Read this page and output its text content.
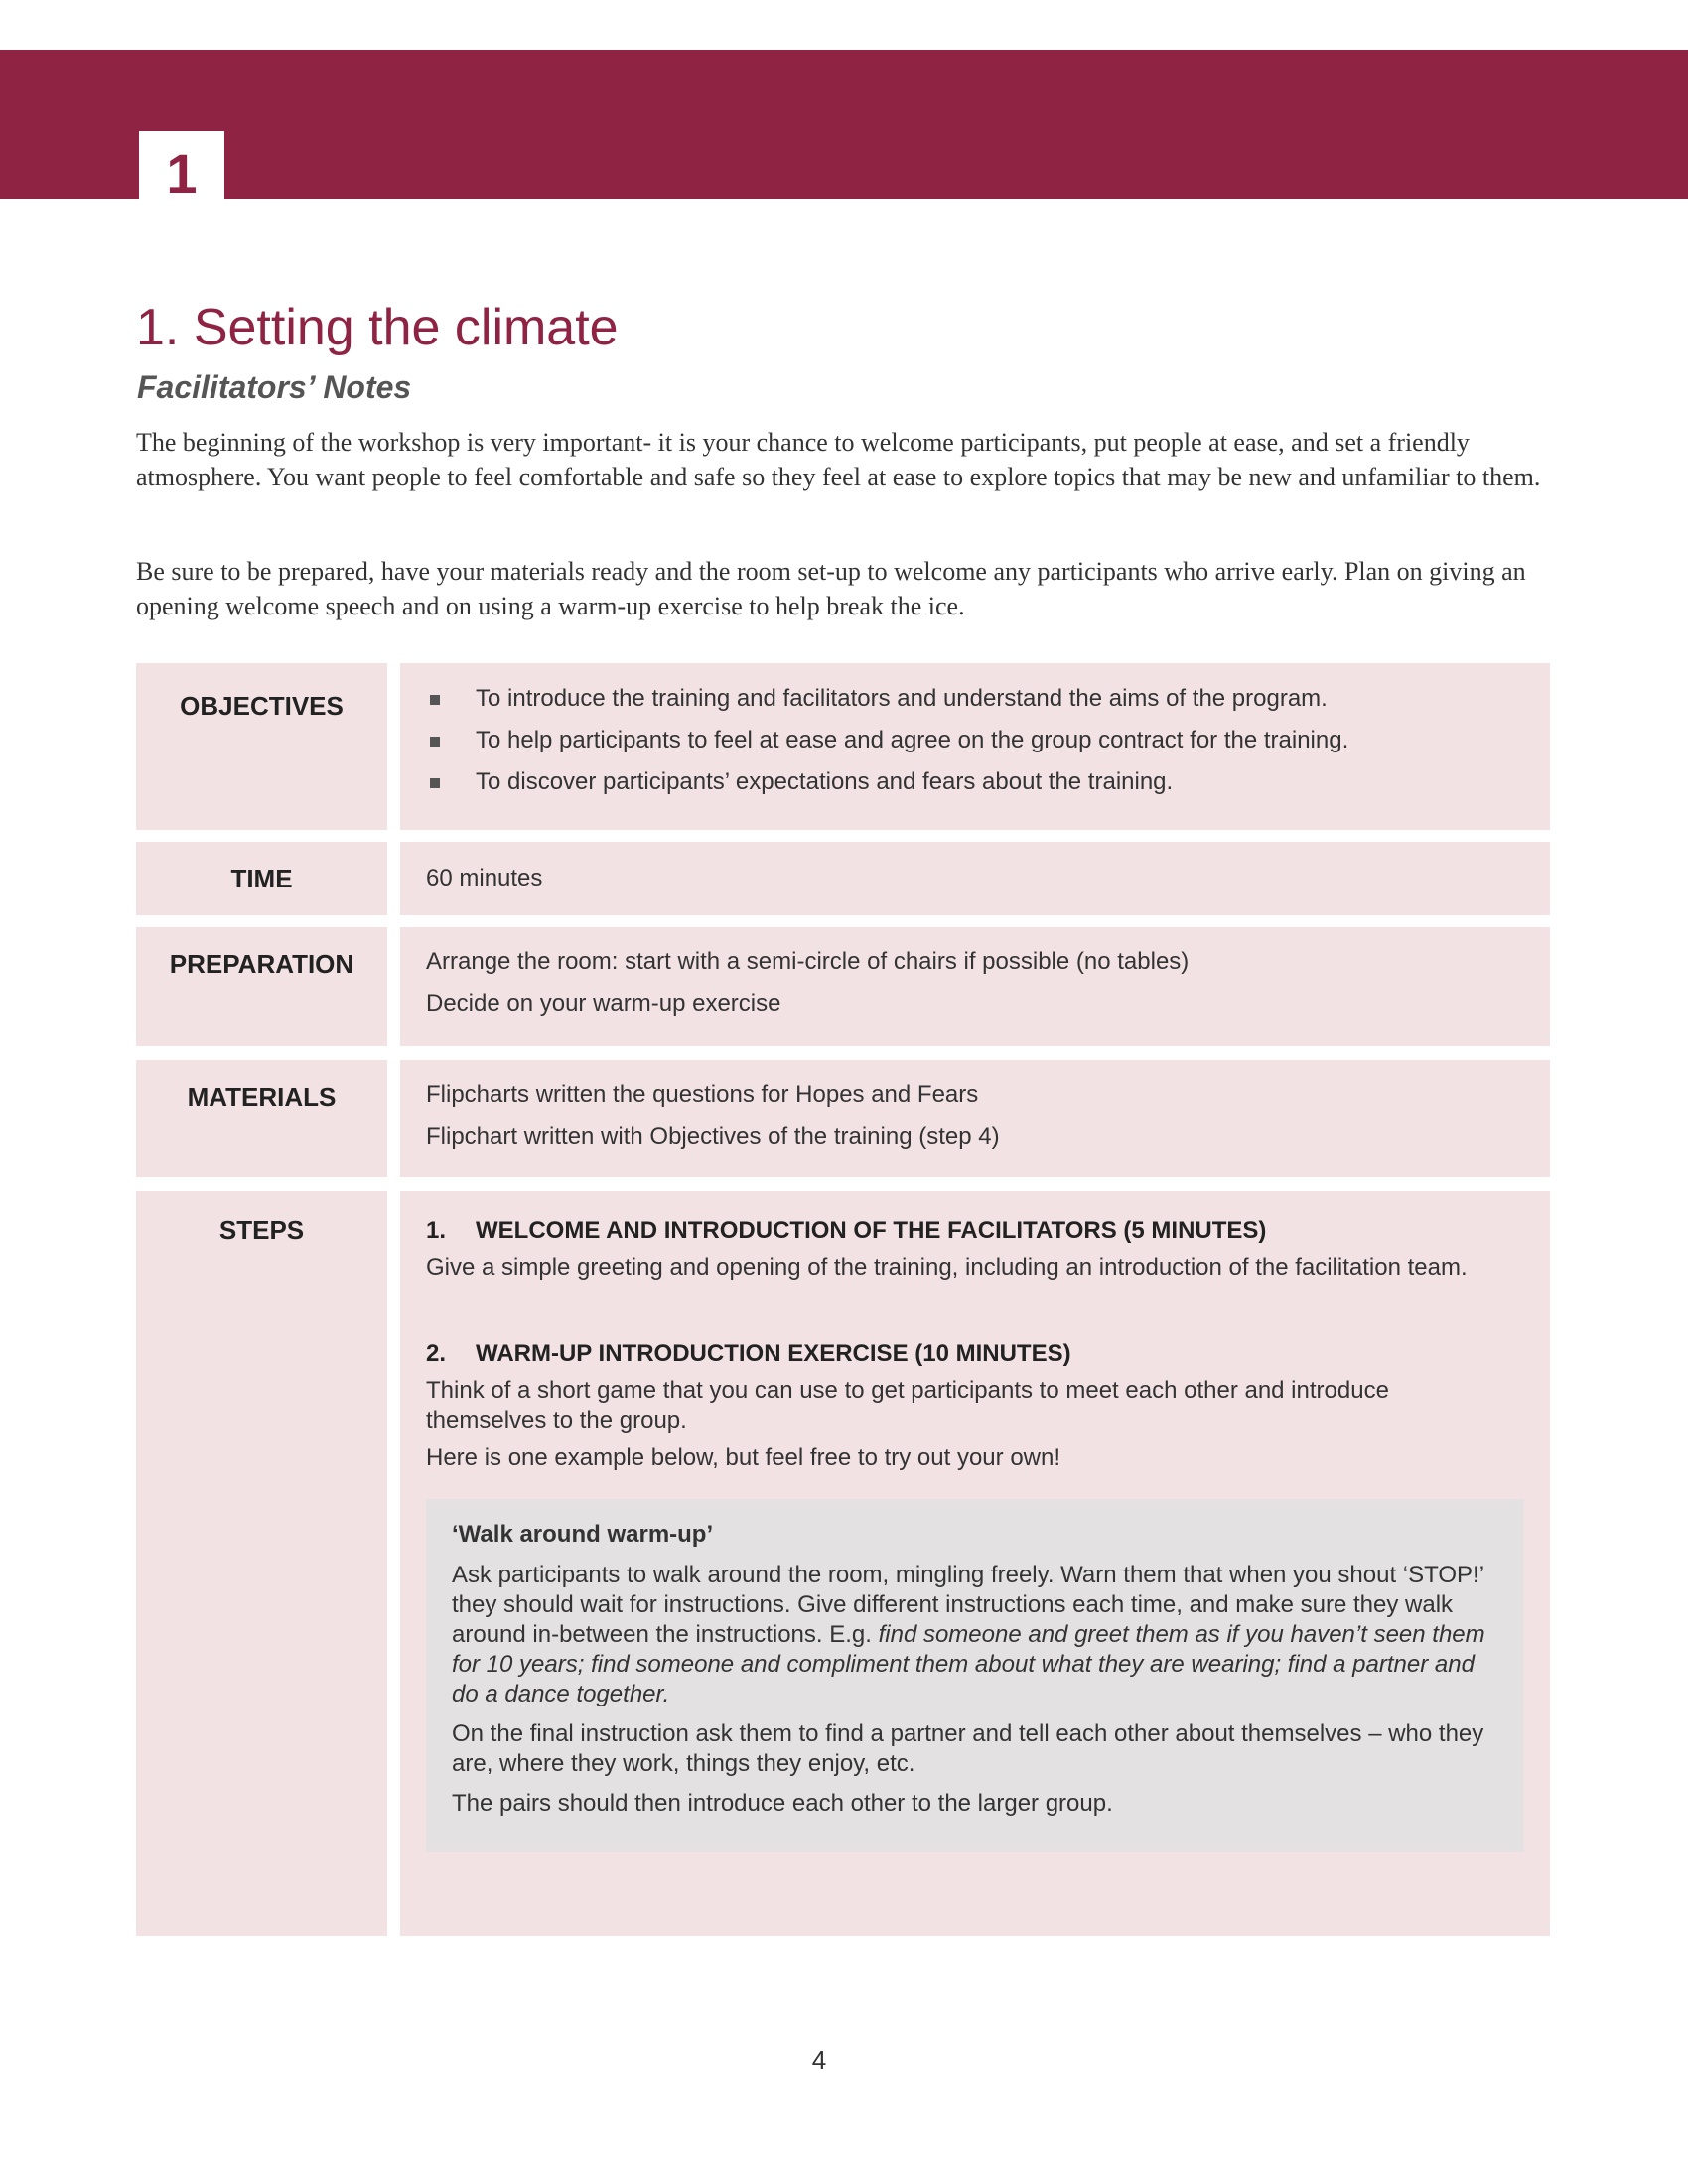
1
1. Setting the climate
Facilitators’ Notes

The beginning of the workshop is very important- it is your chance to welcome participants, put people at ease, and set a friendly atmosphere. You want people to feel comfortable and safe so they feel at ease to explore topics that may be new and unfamiliar to them.

Be sure to be prepared, have your materials ready and the room set-up to welcome any participants who arrive early. Plan on giving an opening welcome speech and on using a warm-up exercise to help break the ice.

OBJECTIVES	To introduce the training and facilitators and understand the aims of the program.
To help participants to feel at ease and agree on the group contract for the training.
To discover participants’ expectations and fears about the training.
TIME	60 minutes
PREPARATION	Arrange the room: start with a semi-circle of chairs if possible (no tables)
Decide on your warm-up exercise
MATERIALS	Flipcharts written the questions for Hopes and Fears
Flipchart written with Objectives of the training (step 4)
STEPS	1.	WELCOME AND INTRODUCTION OF THE FACILITATORS (5 MINUTES)

Give a simple greeting and opening of the training, including an introduction of the facilitation team.

2.	WARM-UP INTRODUCTION EXERCISE (10 MINUTES)

Think of a short game that you can use to get participants to meet each other and introduce themselves to the group.

Here is one example below, but feel free to try out your own!

‘Walk around warm-up’

Ask participants to walk around the room, mingling freely. Warn them that when you shout ‘STOP!’ they should wait for instructions. Give different instructions each time, and make sure they walk around in-between the instructions. E.g. find someone and greet them as if you haven’t seen them for 10 years; find someone and compliment them about what they are wearing; find a partner and do a dance together.

On the final instruction ask them to find a partner and tell each other about themselves – who they are, where they work, things they enjoy, etc.

The pairs should then introduce each other to the larger group.

4
